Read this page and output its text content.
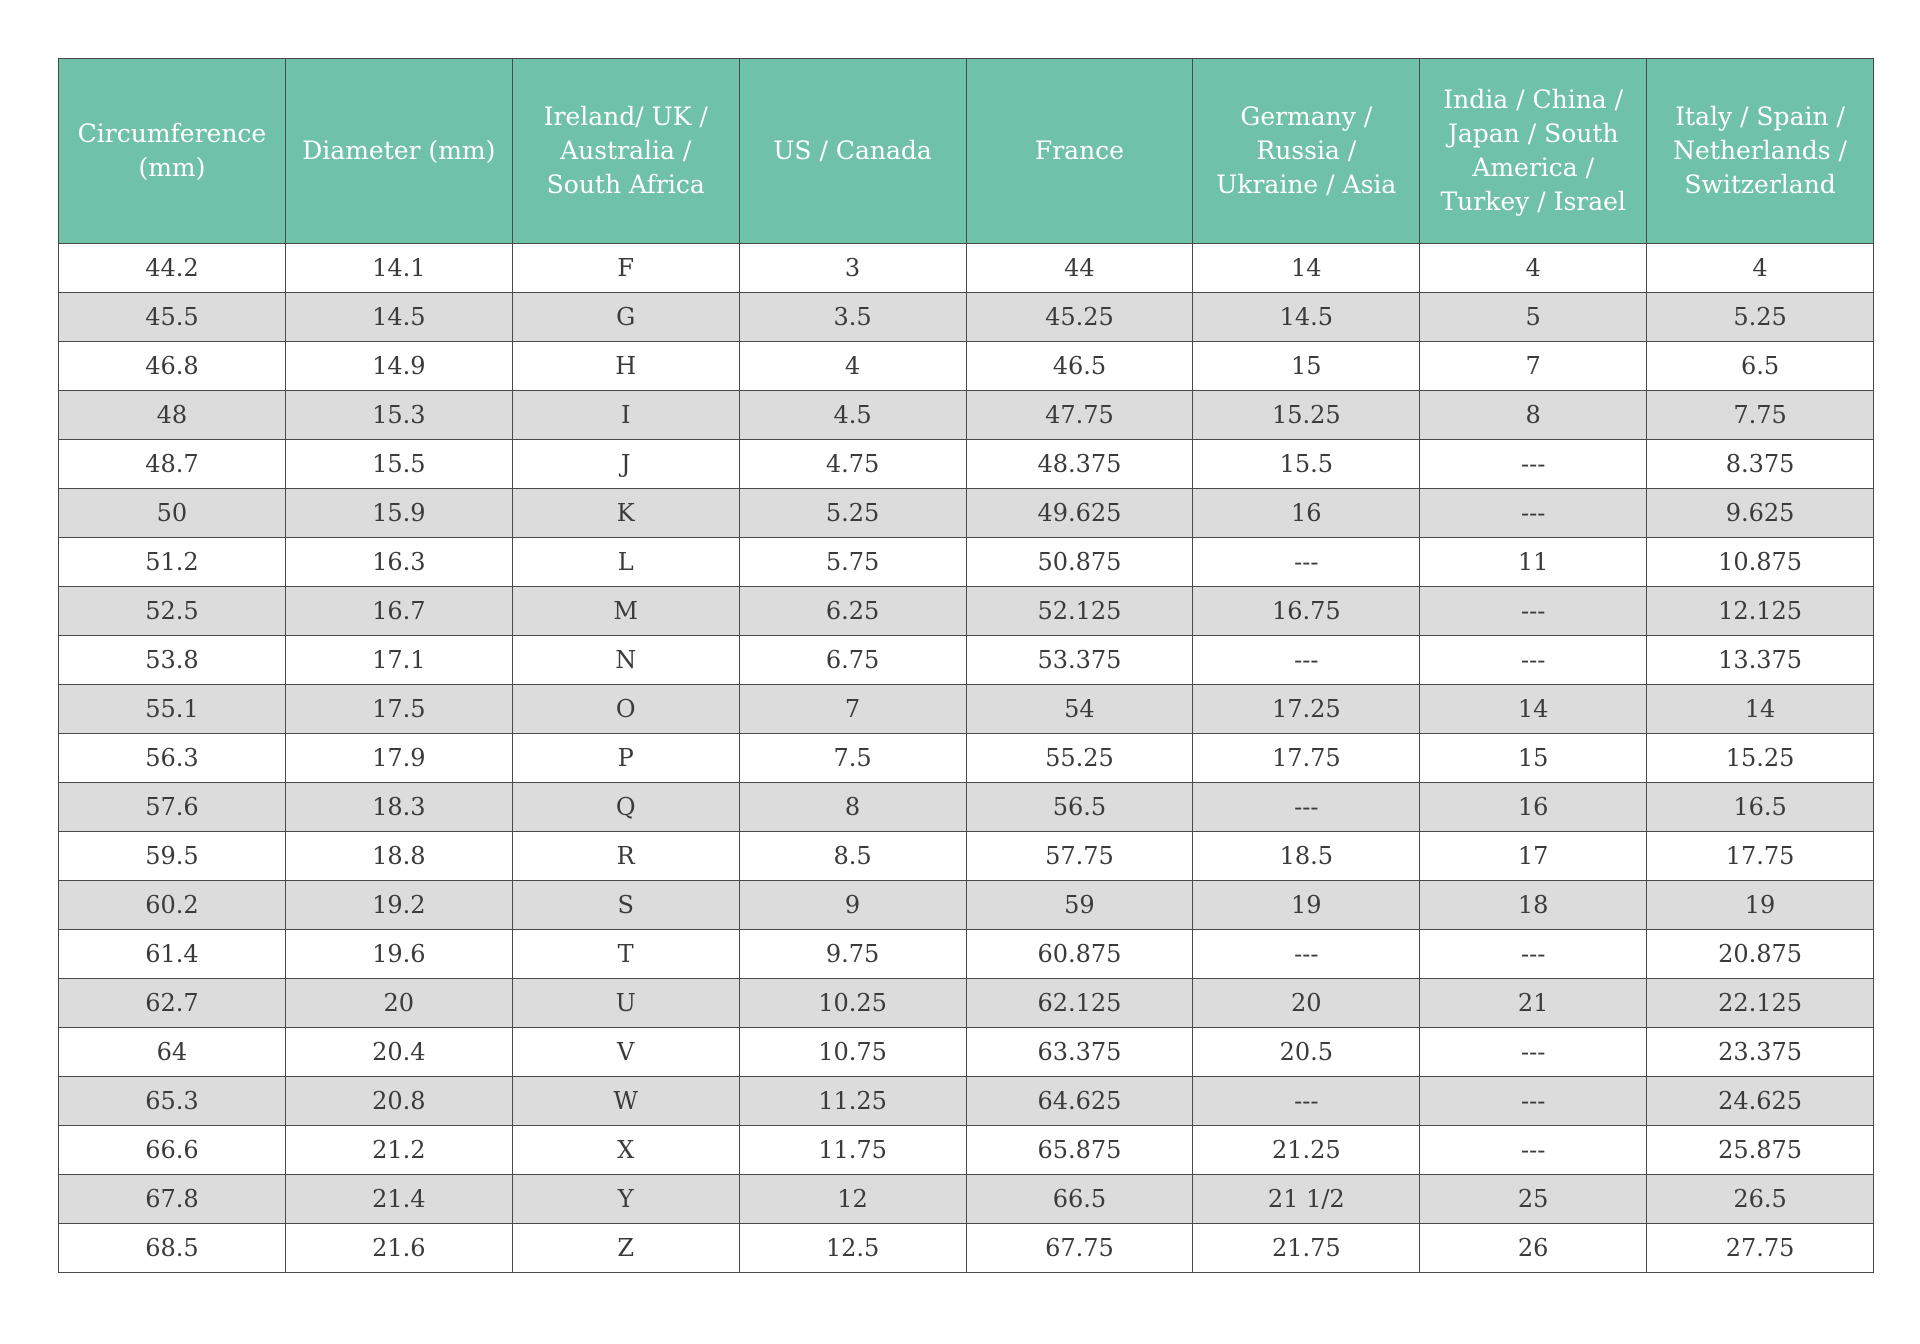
Circumference (mm)	Diameter (mm)	Ireland/ UK / Australia / South Africa	US / Canada	France	Germany / Russia / Ukraine / Asia	India / China / Japan / South America / Turkey / Israel	Italy / Spain / Netherlands / Switzerland
44.2	14.1	F	3	44	14	4	4
45.5	14.5	G	3.5	45.25	14.5	5	5.25
46.8	14.9	H	4	46.5	15	7	6.5
48	15.3	I	4.5	47.75	15.25	8	7.75
48.7	15.5	J	4.75	48.375	15.5	---	8.375
50	15.9	K	5.25	49.625	16	---	9.625
51.2	16.3	L	5.75	50.875	---	11	10.875
52.5	16.7	M	6.25	52.125	16.75	---	12.125
53.8	17.1	N	6.75	53.375	---	---	13.375
55.1	17.5	O	7	54	17.25	14	14
56.3	17.9	P	7.5	55.25	17.75	15	15.25
57.6	18.3	Q	8	56.5	---	16	16.5
59.5	18.8	R	8.5	57.75	18.5	17	17.75
60.2	19.2	S	9	59	19	18	19
61.4	19.6	T	9.75	60.875	---	---	20.875
62.7	20	U	10.25	62.125	20	21	22.125
64	20.4	V	10.75	63.375	20.5	---	23.375
65.3	20.8	W	11.25	64.625	---	---	24.625
66.6	21.2	X	11.75	65.875	21.25	---	25.875
67.8	21.4	Y	12	66.5	21 1/2	25	26.5
68.5	21.6	Z	12.5	67.75	21.75	26	27.75
